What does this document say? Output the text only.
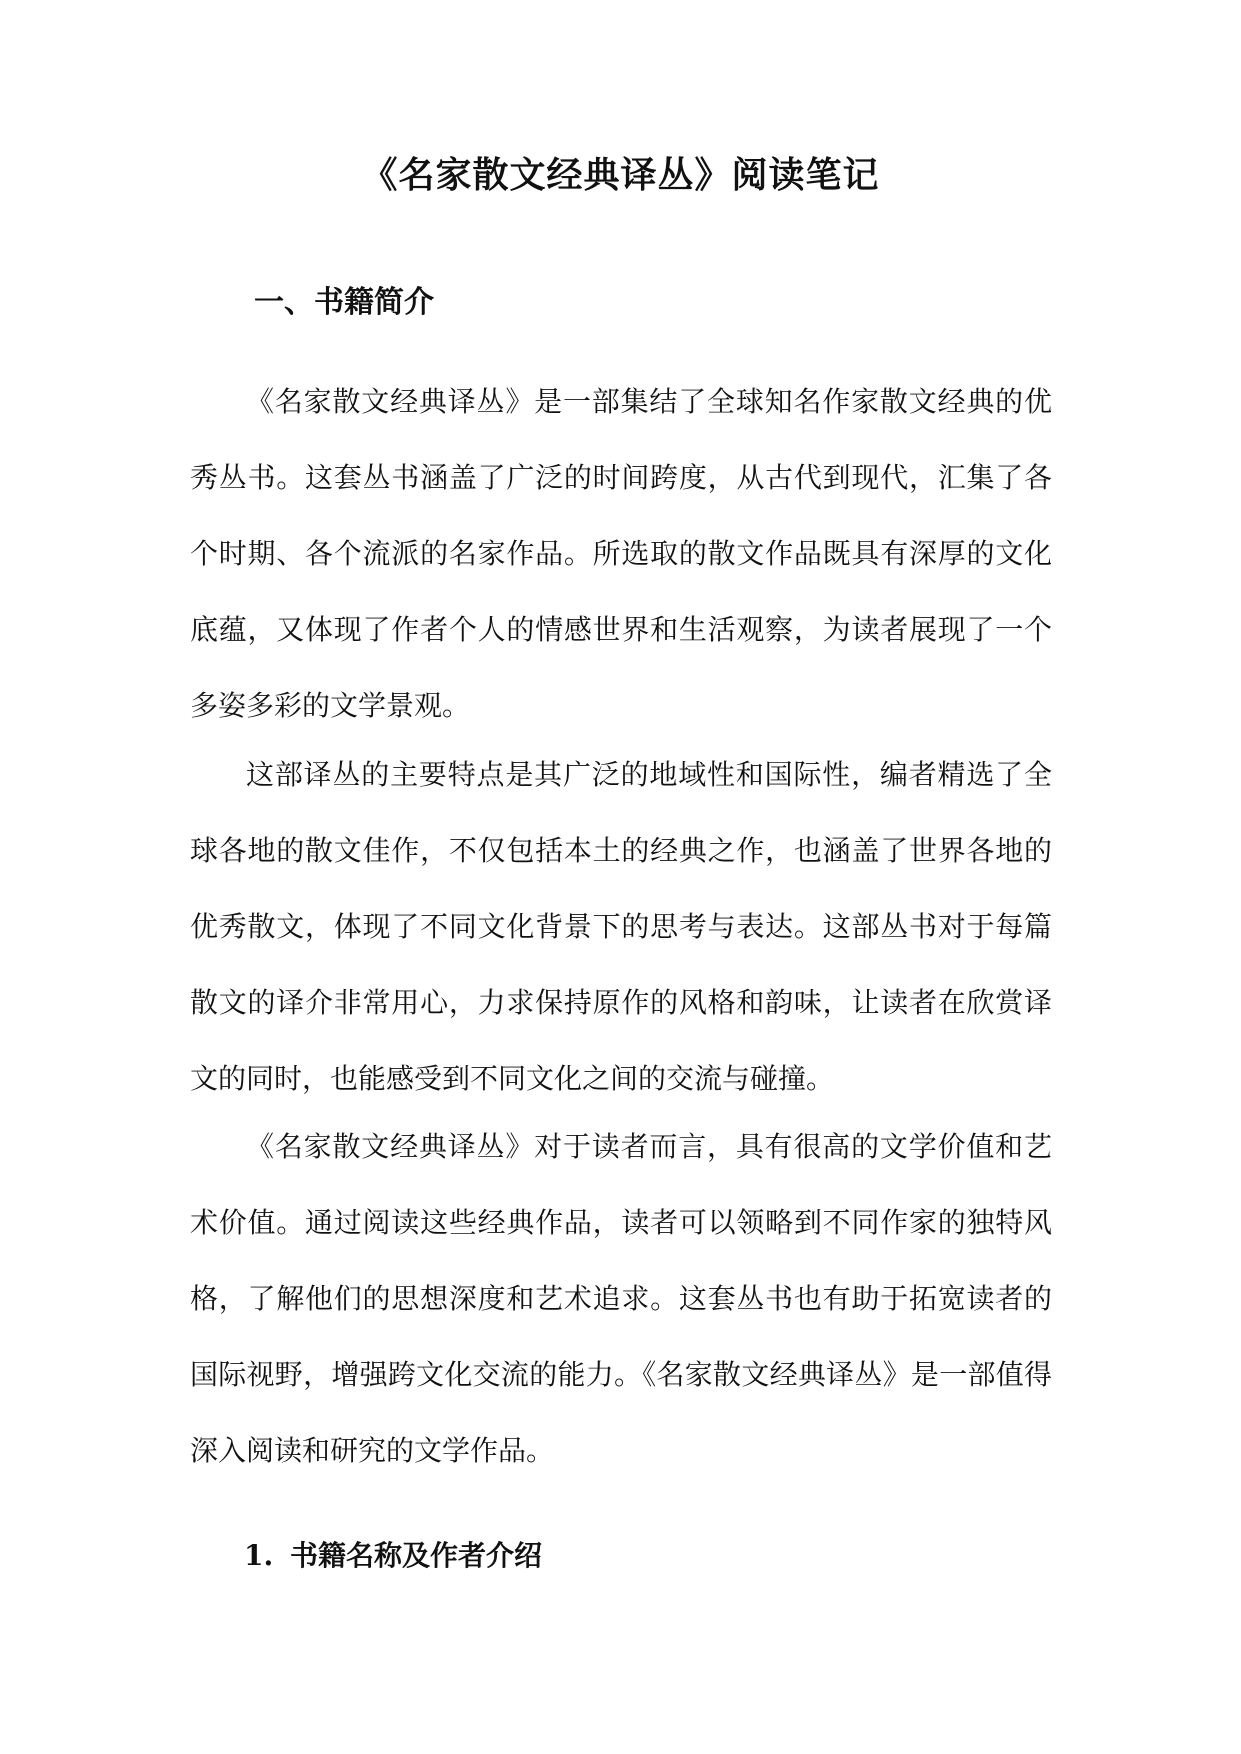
《名家散文经典译丛》阅读笔记
一、书籍简介

《名家散文经典译丛》是一部集结了全球知名作家散文经典的优秀丛书。这套丛书涵盖了广泛的时间跨度，从古代到现代，汇集了各个时期、各个流派的名家作品。所选取的散文作品既具有深厚的文化底蕴，又体现了作者个人的情感世界和生活观察，为读者展现了一个多姿多彩的文学景观。

这部译丛的主要特点是其广泛的地域性和国际性，编者精选了全球各地的散文佳作，不仅包括本土的经典之作，也涵盖了世界各地的优秀散文，体现了不同文化背景下的思考与表达。这部丛书对于每篇散文的译介非常用心，力求保持原作的风格和韵味，让读者在欣赏译文的同时，也能感受到不同文化之间的交流与碰撞。

《名家散文经典译丛》对于读者而言，具有很高的文学价值和艺术价值。通过阅读这些经典作品，读者可以领略到不同作家的独特风格，了解他们的思想深度和艺术追求。这套丛书也有助于拓宽读者的国际视野，增强跨文化交流的能力。《名家散文经典译丛》是一部值得深入阅读和研究的文学作品。

1. 书籍名称及作者介绍
